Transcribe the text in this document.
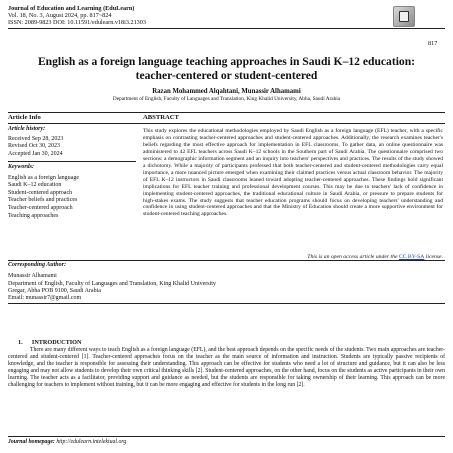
Journal of Education and Learning (EduLearn)
Vol. 18, No. 3, August 2024, pp. 817~824
ISSN: 2089-9823 DOI: 10.11591/edulearn.v18i3.21303
817
English as a foreign language teaching approaches in Saudi K–12 education: teacher-centered or student-centered
Razan Mohammed Alqahtani, Munassir Alhamami
Department of English, Faculty of Languages and Translation, King Khalid University, Abha, Saudi Arabia
Article Info	ABSTRACT
Article history:
Received Sep 28, 2023
Revised Oct 30, 2023
Accepted Jan 30, 2024
Keywords:
English as a foreign language
Saudi K–12 education
Student-centered approach
Teacher beliefs and practices
Teacher-centered approach
Teaching approaches
This study explores the educational methodologies employed by Saudi English as a foreign language (EFL) teacher, with a specific emphasis on contrasting teacher-centered approaches and student-centered approaches. Additionally, the research examines teacher's beliefs regarding the most effective approach for implementation in EFL classrooms. To gather data, an online questionnaire was administered to 42 EFL teachers across Saudi K–12 schools in the Southern part of Saudi Arabia. The questionnaire comprised two sections: a demographic information segment and an inquiry into teachers' perspectives and practices. The results of the study showed a dichotomy. While a majority of participants professed that both teacher-centered and student-centered methodologies carry equal importance, a more nuanced picture emerged when examining their claimed practices versus actual classroom behavior. The majority of EFL K–12 instructors in Saudi classrooms leaned toward adopting teacher-centered approaches. These findings hold significant implications for EFL teacher training and professional development courses. This may be due to teachers' lack of confidence in implementing student-centered approaches, the traditional educational culture in Saudi Arabia, or pressure to prepare students for high-stakes exams. The study suggests that teacher education programs should focus on developing teachers' understanding and confidence in using student-centered approaches and that the Ministry of Education should create a more supportive environment for student-centered teaching approaches.
This is an open access article under the CC BY-SA license.
Corresponding Author:
Munassir Alhamami
Department of English, Faculty of Languages and Translation, King Khalid University
Gregar, Abha POB 9100, Saudi Arabia
Email: munassir7@gmail.com
1.      INTRODUCTION
There are many different ways to teach English as a foreign language (EFL), and the best approach depends on the specific needs of the students. Two main approaches are teacher-centered and student-centered [1]. Teacher-centered approaches focus on the teacher as the main source of information and instruction. Students are typically passive recipients of knowledge, and the teacher is responsible for assessing their understanding. This approach can be effective for students who need a lot of structure and guidance, but it can also be less engaging and may not allow students to develop their own critical thinking skills [2]. Student-centered approaches, on the other hand, focus on the students as active participants in their own learning. The teacher acts as a facilitator, providing support and guidance as needed, but the students are responsible for taking ownership of their learning. This approach can be more challenging for teachers to implement without training, but it can be more engaging and effective for students in the long run [2].
Journal homepage: http://edulearn.intelektual.org
